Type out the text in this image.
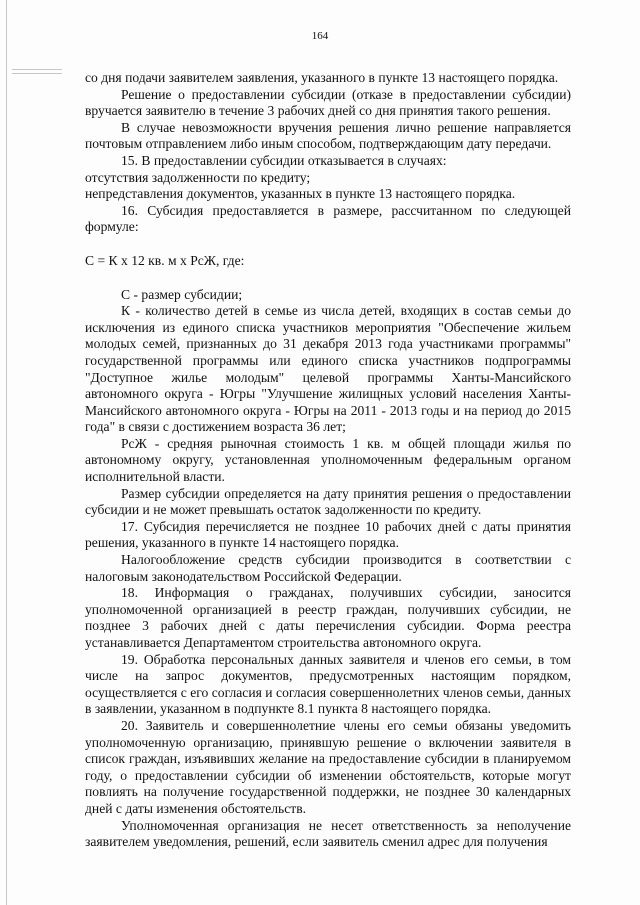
164

со дня подачи заявителем заявления, указанного в пункте 13 настоящего порядка.

Решение о предоставлении субсидии (отказе в предоставлении субсидии) вручается заявителю в течение 3 рабочих дней со дня принятия такого решения.

В случае невозможности вручения решения лично решение направляется почтовым отправлением либо иным способом, подтверждающим дату передачи.

15. В предоставлении субсидии отказывается в случаях:

отсутствия задолженности по кредиту;

непредставления документов, указанных в пункте 13 настоящего порядка.

16. Субсидия предоставляется в размере, рассчитанном по следующей формуле:

С = К х 12 кв. м х РсЖ, где:

С - размер субсидии;

К - количество детей в семье из числа детей, входящих в состав семьи до исключения из единого списка участников мероприятия "Обеспечение жильем молодых семей, признанных до 31 декабря 2013 года участниками программы" государственной программы или единого списка участников подпрограммы "Доступное жилье молодым" целевой программы Ханты-Мансийского автономного округа - Югры "Улучшение жилищных условий населения Ханты-Мансийского автономного округа - Югры на 2011 - 2013 годы и на период до 2015 года" в связи с достижением возраста 36 лет;

РсЖ - средняя рыночная стоимость 1 кв. м общей площади жилья по автономному округу, установленная уполномоченным федеральным органом исполнительной власти.

Размер субсидии определяется на дату принятия решения о предоставлении субсидии и не может превышать остаток задолженности по кредиту.

17. Субсидия перечисляется не позднее 10 рабочих дней с даты принятия решения, указанного в пункте 14 настоящего порядка.

Налогообложение средств субсидии производится в соответствии с налоговым законодательством Российской Федерации.

18. Информация о гражданах, получивших субсидии, заносится уполномоченной организацией в реестр граждан, получивших субсидии, не позднее 3 рабочих дней с даты перечисления субсидии. Форма реестра устанавливается Департаментом строительства автономного округа.

19. Обработка персональных данных заявителя и членов его семьи, в том числе на запрос документов, предусмотренных настоящим порядком, осуществляется с его согласия и согласия совершеннолетних членов семьи, данных в заявлении, указанном в подпункте 8.1 пункта 8 настоящего порядка.

20. Заявитель и совершеннолетние члены его семьи обязаны уведомить уполномоченную организацию, принявшую решение о включении заявителя в список граждан, изъявивших желание на предоставление субсидии в планируемом году, о предоставлении субсидии об изменении обстоятельств, которые могут повлиять на получение государственной поддержки, не позднее 30 календарных дней с даты изменения обстоятельств.

Уполномоченная организация не несет ответственность за неполучение заявителем уведомления, решений, если заявитель сменил адрес для получения
